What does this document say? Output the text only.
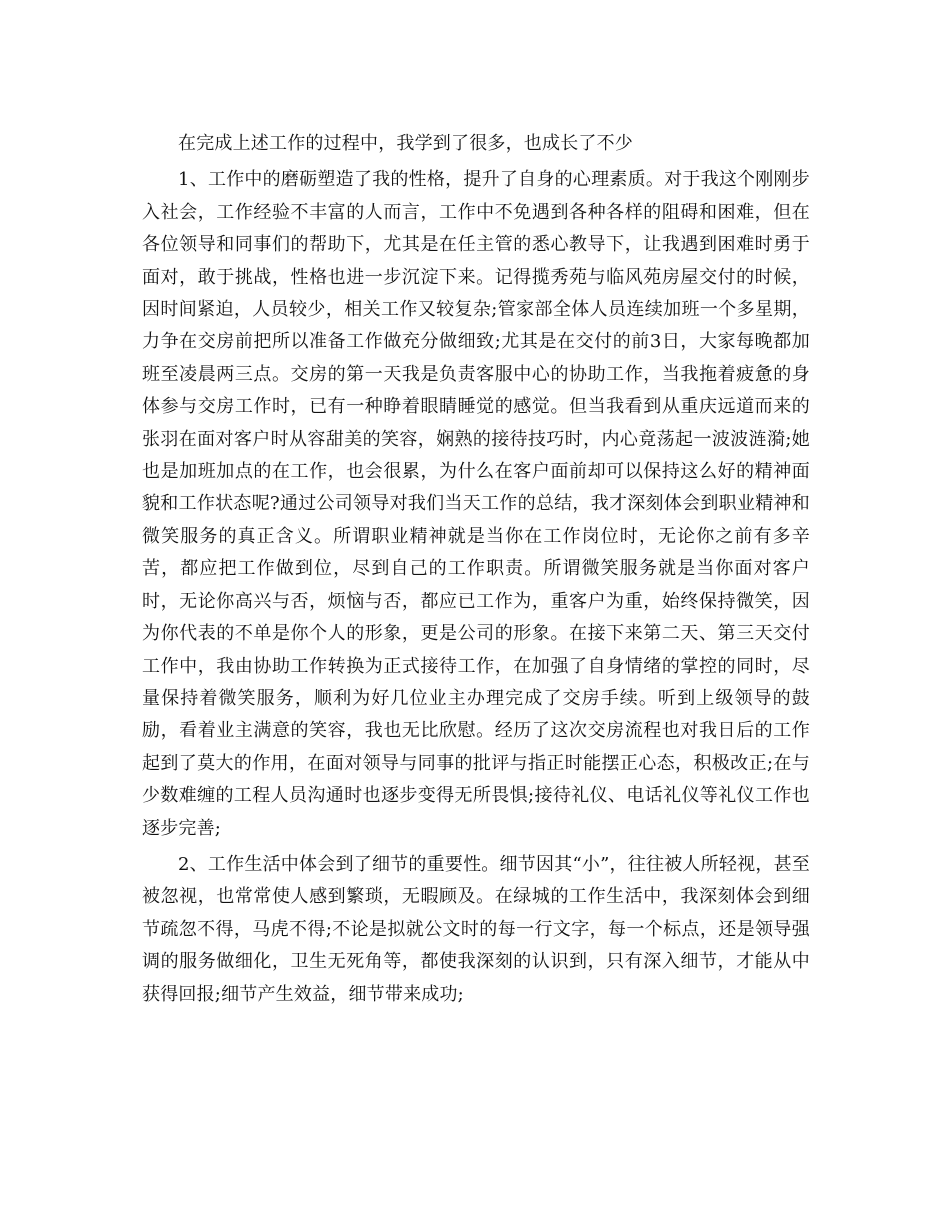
在完成上述工作的过程中，我学到了很多，也成长了不少

1、工作中的磨砺塑造了我的性格，提升了自身的心理素质。对于我这个刚刚步入社会，工作经验不丰富的人而言，工作中不免遇到各种各样的阻碍和困难，但在各位领导和同事们的帮助下，尤其是在任主管的悉心教导下，让我遇到困难时勇于面对，敢于挑战，性格也进一步沉淀下来。记得揽秀苑与临风苑房屋交付的时候，因时间紧迫，人员较少，相关工作又较复杂;管家部全体人员连续加班一个多星期，力争在交房前把所以准备工作做充分做细致;尤其是在交付的前3日，大家每晚都加班至凌晨两三点。交房的第一天我是负责客服中心的协助工作，当我拖着疲惫的身体参与交房工作时，已有一种睁着眼睛睡觉的感觉。但当我看到从重庆远道而来的张羽在面对客户时从容甜美的笑容，娴熟的接待技巧时，内心竟荡起一波波涟漪;她也是加班加点的在工作，也会很累，为什么在客户面前却可以保持这么好的精神面貌和工作状态呢?通过公司领导对我们当天工作的总结，我才深刻体会到职业精神和微笑服务的真正含义。所谓职业精神就是当你在工作岗位时，无论你之前有多辛苦，都应把工作做到位，尽到自己的工作职责。所谓微笑服务就是当你面对客户时，无论你高兴与否，烦恼与否，都应已工作为，重客户为重，始终保持微笑，因为你代表的不单是你个人的形象，更是公司的形象。在接下来第二天、第三天交付工作中，我由协助工作转换为正式接待工作，在加强了自身情绪的掌控的同时，尽量保持着微笑服务，顺利为好几位业主办理完成了交房手续。听到上级领导的鼓励，看着业主满意的笑容，我也无比欣慰。经历了这次交房流程也对我日后的工作起到了莫大的作用，在面对领导与同事的批评与指正时能摆正心态，积极改正;在与少数难缠的工程人员沟通时也逐步变得无所畏惧;接待礼仪、电话礼仪等礼仪工作也逐步完善;

2、工作生活中体会到了细节的重要性。细节因其“小”，往往被人所轻视，甚至被忽视，也常常使人感到繁琐，无暇顾及。在绿城的工作生活中，我深刻体会到细节疏忽不得，马虎不得;不论是拟就公文时的每一行文字，每一个标点，还是领导强调的服务做细化，卫生无死角等，都使我深刻的认识到，只有深入细节，才能从中获得回报;细节产生效益，细节带来成功;
